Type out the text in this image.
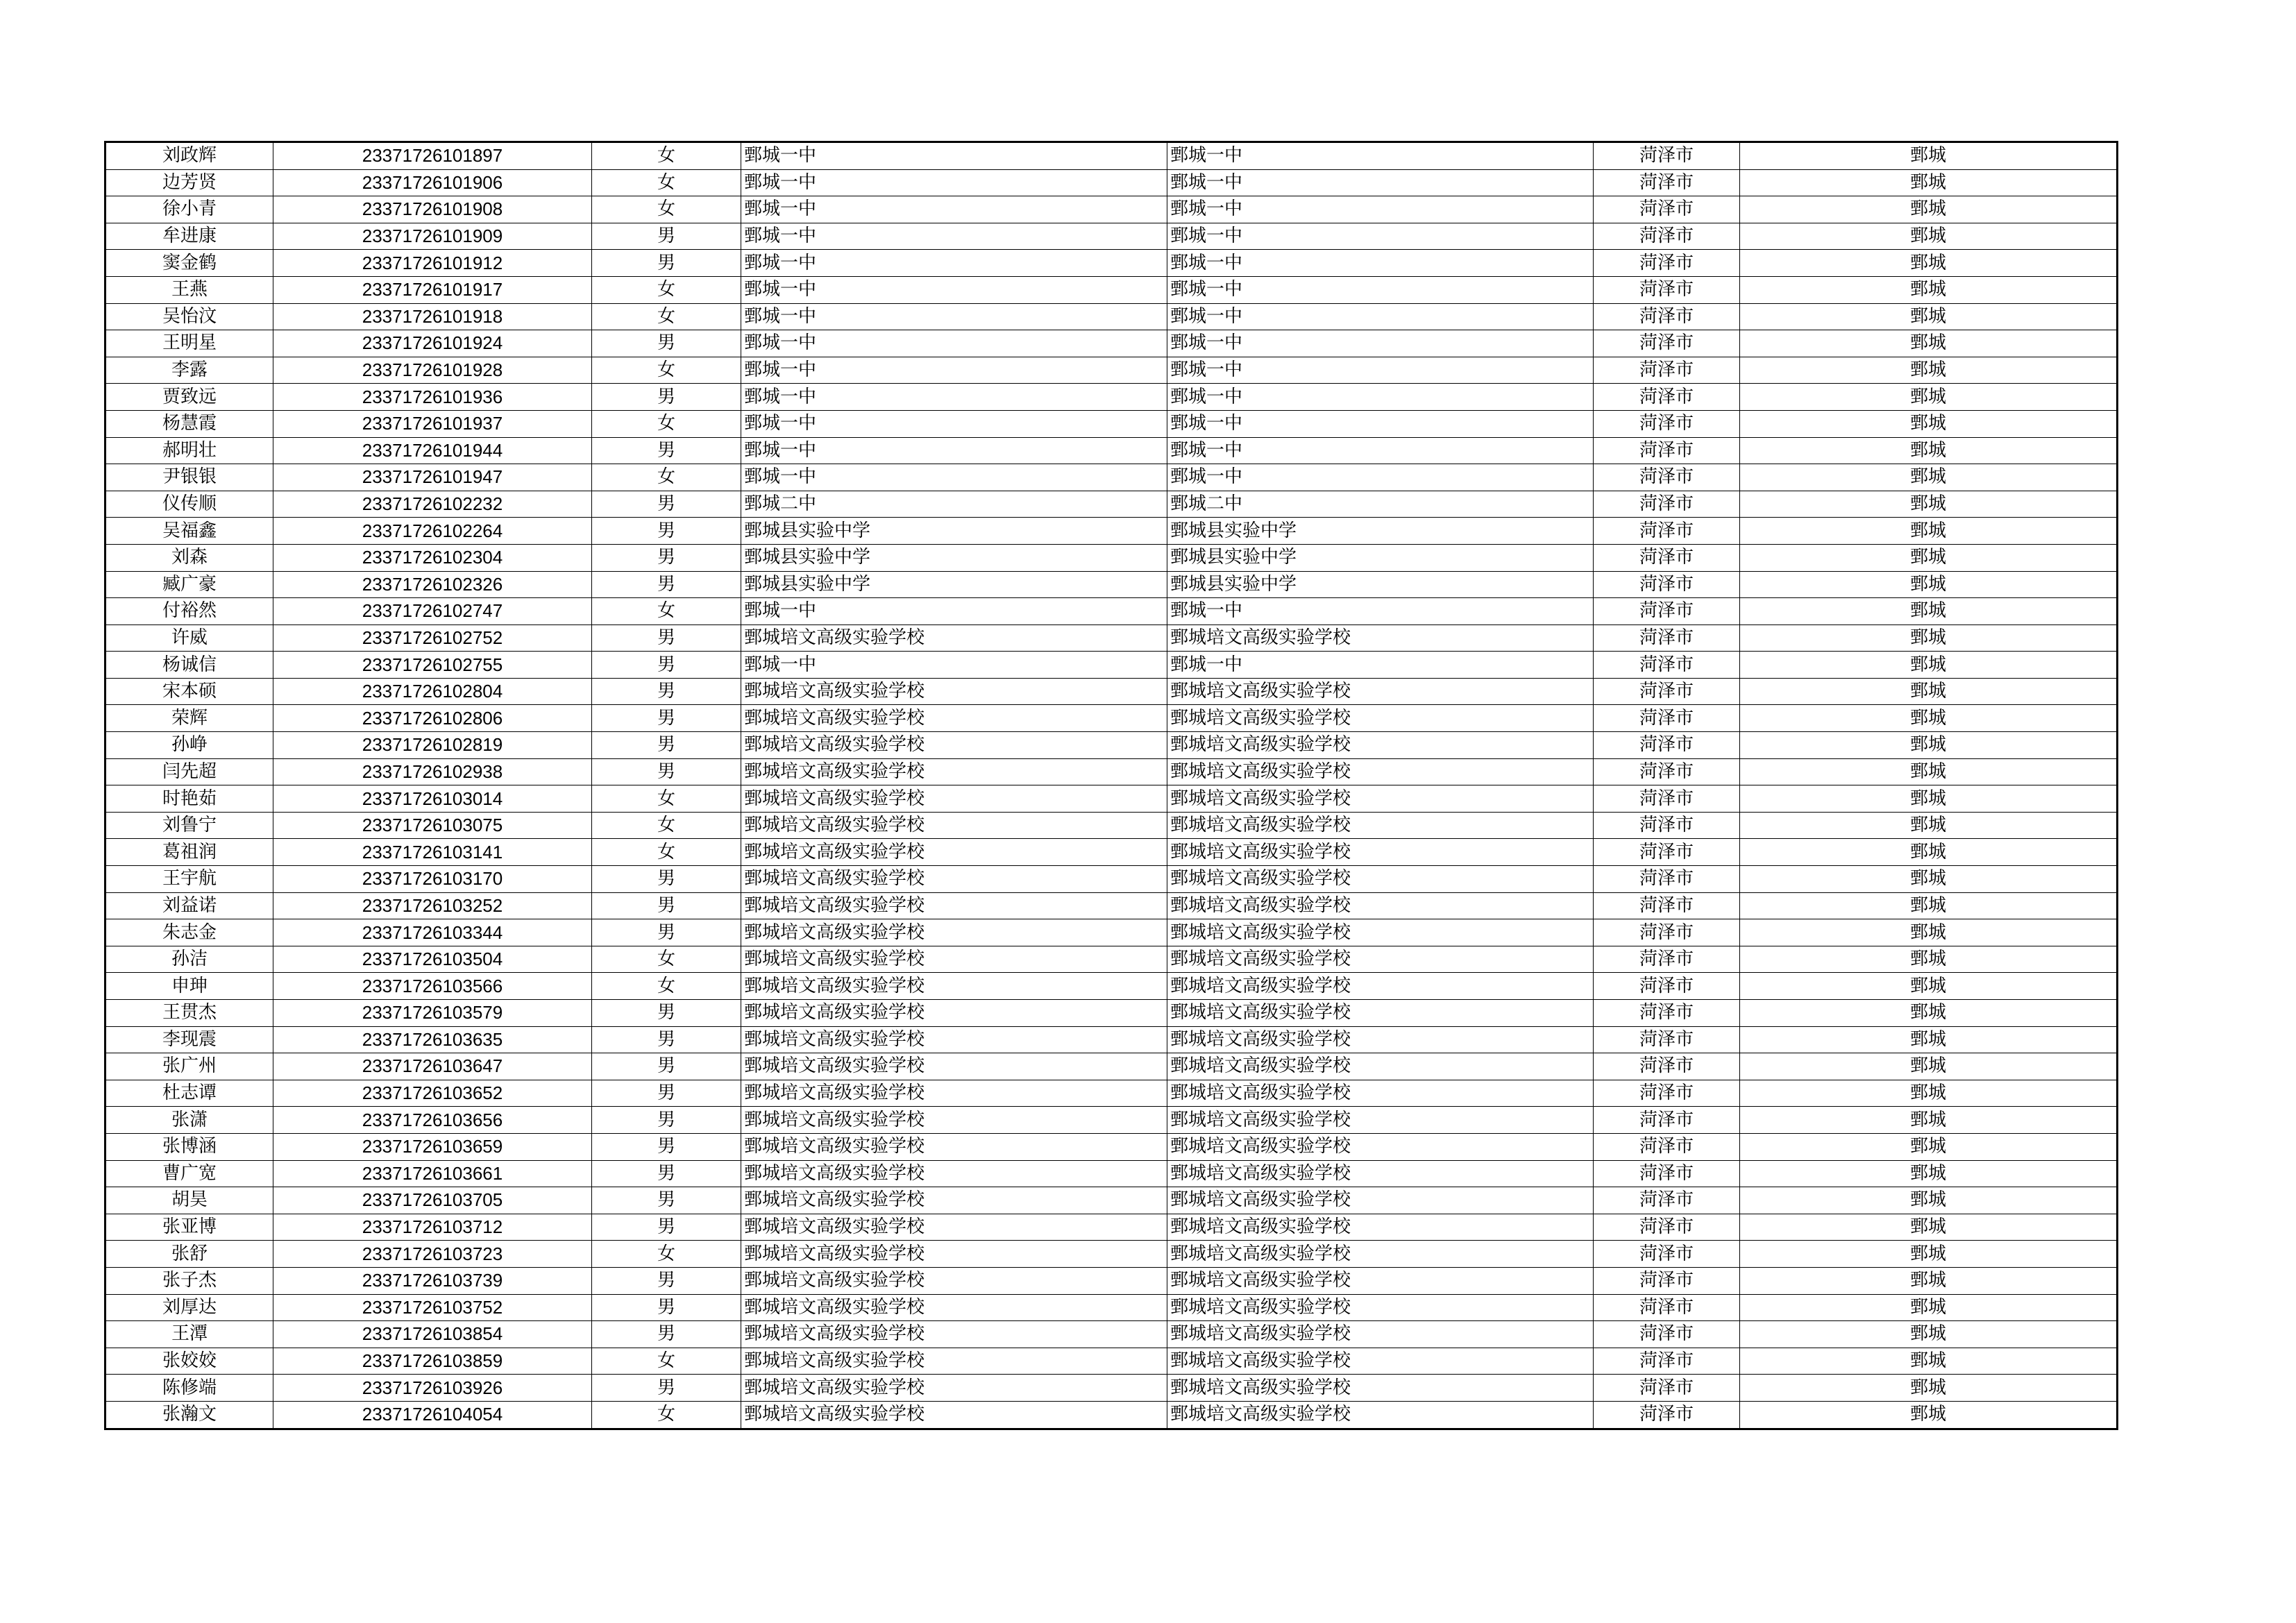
刘政辉	23371726101897	女	鄄城一中	鄄城一中	菏泽市	鄄城
边芳贤	23371726101906	女	鄄城一中	鄄城一中	菏泽市	鄄城
徐小青	23371726101908	女	鄄城一中	鄄城一中	菏泽市	鄄城
牟进康	23371726101909	男	鄄城一中	鄄城一中	菏泽市	鄄城
窦金鹤	23371726101912	男	鄄城一中	鄄城一中	菏泽市	鄄城
王燕	23371726101917	女	鄄城一中	鄄城一中	菏泽市	鄄城
吴怡汶	23371726101918	女	鄄城一中	鄄城一中	菏泽市	鄄城
王明星	23371726101924	男	鄄城一中	鄄城一中	菏泽市	鄄城
李露	23371726101928	女	鄄城一中	鄄城一中	菏泽市	鄄城
贾致远	23371726101936	男	鄄城一中	鄄城一中	菏泽市	鄄城
杨慧霞	23371726101937	女	鄄城一中	鄄城一中	菏泽市	鄄城
郝明壮	23371726101944	男	鄄城一中	鄄城一中	菏泽市	鄄城
尹银银	23371726101947	女	鄄城一中	鄄城一中	菏泽市	鄄城
仪传顺	23371726102232	男	鄄城二中	鄄城二中	菏泽市	鄄城
吴福鑫	23371726102264	男	鄄城县实验中学	鄄城县实验中学	菏泽市	鄄城
刘森	23371726102304	男	鄄城县实验中学	鄄城县实验中学	菏泽市	鄄城
臧广豪	23371726102326	男	鄄城县实验中学	鄄城县实验中学	菏泽市	鄄城
付裕然	23371726102747	女	鄄城一中	鄄城一中	菏泽市	鄄城
许威	23371726102752	男	鄄城培文高级实验学校	鄄城培文高级实验学校	菏泽市	鄄城
杨诚信	23371726102755	男	鄄城一中	鄄城一中	菏泽市	鄄城
宋本硕	23371726102804	男	鄄城培文高级实验学校	鄄城培文高级实验学校	菏泽市	鄄城
荣辉	23371726102806	男	鄄城培文高级实验学校	鄄城培文高级实验学校	菏泽市	鄄城
孙峥	23371726102819	男	鄄城培文高级实验学校	鄄城培文高级实验学校	菏泽市	鄄城
闫先超	23371726102938	男	鄄城培文高级实验学校	鄄城培文高级实验学校	菏泽市	鄄城
时艳茹	23371726103014	女	鄄城培文高级实验学校	鄄城培文高级实验学校	菏泽市	鄄城
刘鲁宁	23371726103075	女	鄄城培文高级实验学校	鄄城培文高级实验学校	菏泽市	鄄城
葛祖润	23371726103141	女	鄄城培文高级实验学校	鄄城培文高级实验学校	菏泽市	鄄城
王宇航	23371726103170	男	鄄城培文高级实验学校	鄄城培文高级实验学校	菏泽市	鄄城
刘益诺	23371726103252	男	鄄城培文高级实验学校	鄄城培文高级实验学校	菏泽市	鄄城
朱志金	23371726103344	男	鄄城培文高级实验学校	鄄城培文高级实验学校	菏泽市	鄄城
孙洁	23371726103504	女	鄄城培文高级实验学校	鄄城培文高级实验学校	菏泽市	鄄城
申珅	23371726103566	女	鄄城培文高级实验学校	鄄城培文高级实验学校	菏泽市	鄄城
王贯杰	23371726103579	男	鄄城培文高级实验学校	鄄城培文高级实验学校	菏泽市	鄄城
李现震	23371726103635	男	鄄城培文高级实验学校	鄄城培文高级实验学校	菏泽市	鄄城
张广州	23371726103647	男	鄄城培文高级实验学校	鄄城培文高级实验学校	菏泽市	鄄城
杜志谭	23371726103652	男	鄄城培文高级实验学校	鄄城培文高级实验学校	菏泽市	鄄城
张潇	23371726103656	男	鄄城培文高级实验学校	鄄城培文高级实验学校	菏泽市	鄄城
张博涵	23371726103659	男	鄄城培文高级实验学校	鄄城培文高级实验学校	菏泽市	鄄城
曹广宽	23371726103661	男	鄄城培文高级实验学校	鄄城培文高级实验学校	菏泽市	鄄城
胡昊	23371726103705	男	鄄城培文高级实验学校	鄄城培文高级实验学校	菏泽市	鄄城
张亚博	23371726103712	男	鄄城培文高级实验学校	鄄城培文高级实验学校	菏泽市	鄄城
张舒	23371726103723	女	鄄城培文高级实验学校	鄄城培文高级实验学校	菏泽市	鄄城
张子杰	23371726103739	男	鄄城培文高级实验学校	鄄城培文高级实验学校	菏泽市	鄄城
刘厚达	23371726103752	男	鄄城培文高级实验学校	鄄城培文高级实验学校	菏泽市	鄄城
王潭	23371726103854	男	鄄城培文高级实验学校	鄄城培文高级实验学校	菏泽市	鄄城
张姣姣	23371726103859	女	鄄城培文高级实验学校	鄄城培文高级实验学校	菏泽市	鄄城
陈修端	23371726103926	男	鄄城培文高级实验学校	鄄城培文高级实验学校	菏泽市	鄄城
张瀚文	23371726104054	女	鄄城培文高级实验学校	鄄城培文高级实验学校	菏泽市	鄄城
